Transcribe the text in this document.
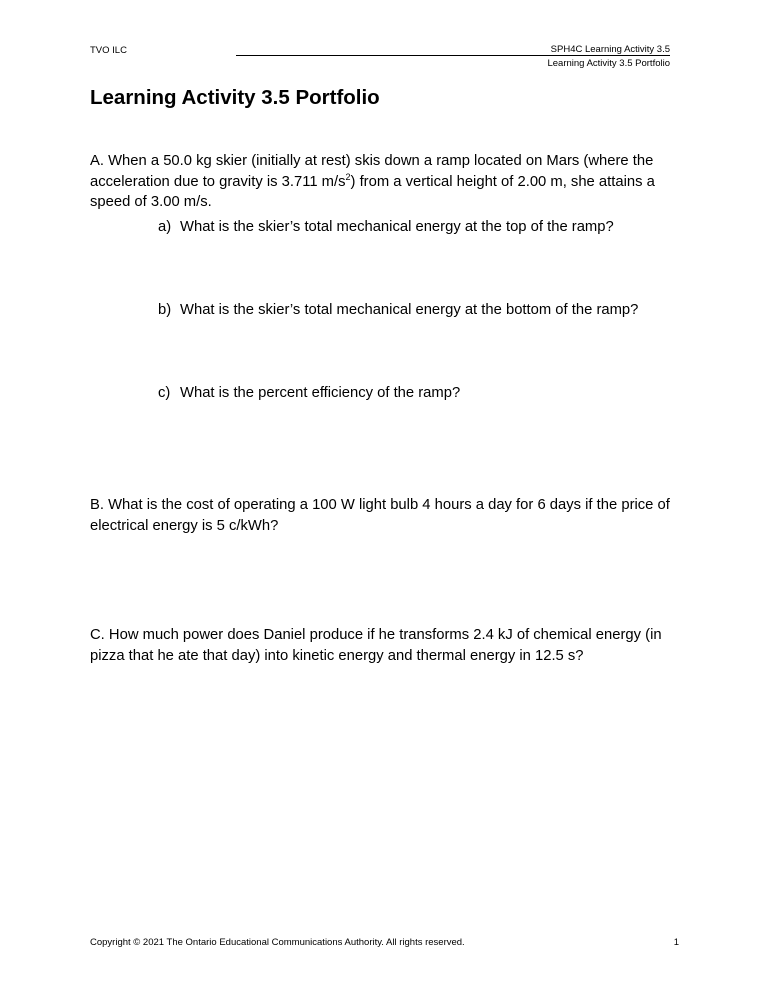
TVO ILC	SPH4C Learning Activity 3.5
Learning Activity 3.5 Portfolio
Learning Activity 3.5 Portfolio
A. When a 50.0 kg skier (initially at rest) skis down a ramp located on Mars (where the acceleration due to gravity is 3.711 $m/s^2$) from a vertical height of 2.00 m, she attains a speed of 3.00 m/s.
a) What is the skier’s total mechanical energy at the top of the ramp?
b) What is the skier’s total mechanical energy at the bottom of the ramp?
c) What is the percent efficiency of the ramp?
B. What is the cost of operating a 100 W light bulb 4 hours a day for 6 days if the price of electrical energy is 5 c/kWh?
C. How much power does Daniel produce if he transforms 2.4 kJ of chemical energy (in pizza that he ate that day) into kinetic energy and thermal energy in 12.5 s?
Copyright © 2021 The Ontario Educational Communications Authority. All rights reserved.	1
